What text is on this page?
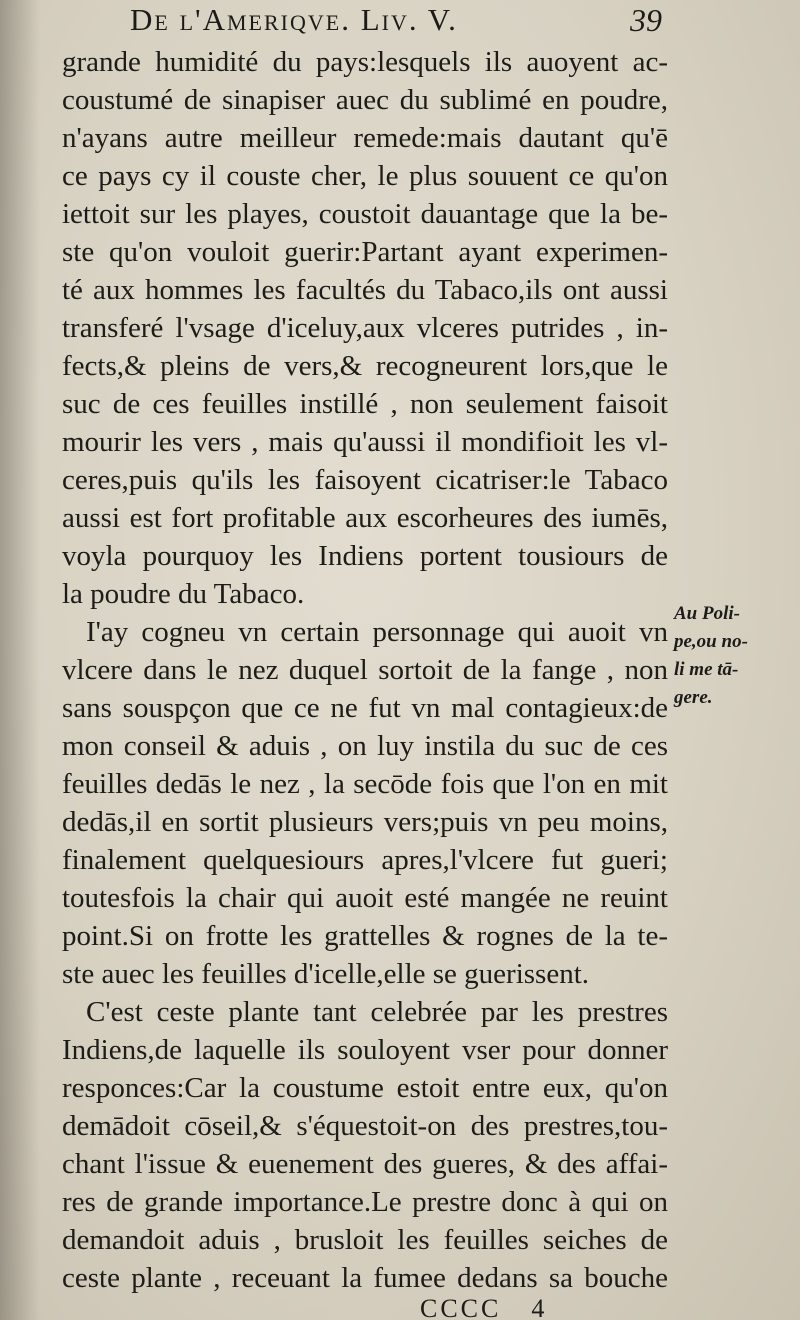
De l'Ameriqve. Liv. V.	39
grande humidité du pays:lesquels ils auoyent ac-
coustumé de sinapiser auec du sublimé en poudre,
n'ayans autre meilleur remede:mais dautant qu'ē
ce pays cy il couste cher, le plus souuent ce qu'on
iettoit sur les playes, coustoit dauantage que la be-
ste qu'on vouloit guerir:Partant ayant experimen-
té aux hommes les facultés du Tabaco,ils ont aussi
transferé l'vsage d'iceluy,aux vlceres putrides , in-
fects,& pleins de vers,& recogneurent lors,que le
suc de ces feuilles instillé , non seulement faisoit
mourir les vers , mais qu'aussi il mondifioit les vl-
ceres,puis qu'ils les faisoyent cicatriser:le Tabaco
aussi est fort profitable aux escorheures des iumēs,
voyla pourquoy les Indiens portent tousiours de
la poudre du Tabaco.
I'ay cogneu vn certain personnage qui auoit vn
vlcere dans le nez duquel sortoit de la fange , non
sans souspçon que ce ne fut vn mal contagieux:de
mon conseil & aduis , on luy instila du suc de ces
feuilles dedās le nez , la secōde fois que l'on en mit
dedās,il en sortit plusieurs vers;puis vn peu moins,
finalement quelquesiours apres,l'vlcere fut gueri;
toutesfois la chair qui auoit esté mangée ne reuint
point.Si on frotte les grattelles & rognes de la te-
ste auec les feuilles d'icelle,elle se guerissent.
C'est ceste plante tant celebrée par les prestres
Indiens,de laquelle ils souloyent vser pour donner
responces:Car la coustume estoit entre eux, qu'on
demādoit cōseil,& s'équestoit-on des prestres,tou-
chant l'issue & euenement des gueres, & des affai-
res de grande importance.Le prestre donc à qui on
demandoit aduis , brusloit les feuilles seiches de
ceste plante , receuant la fumee dedans sa bouche
Au Poli-
pe,ou no-
li me tā-
gere.
CCCC 4
